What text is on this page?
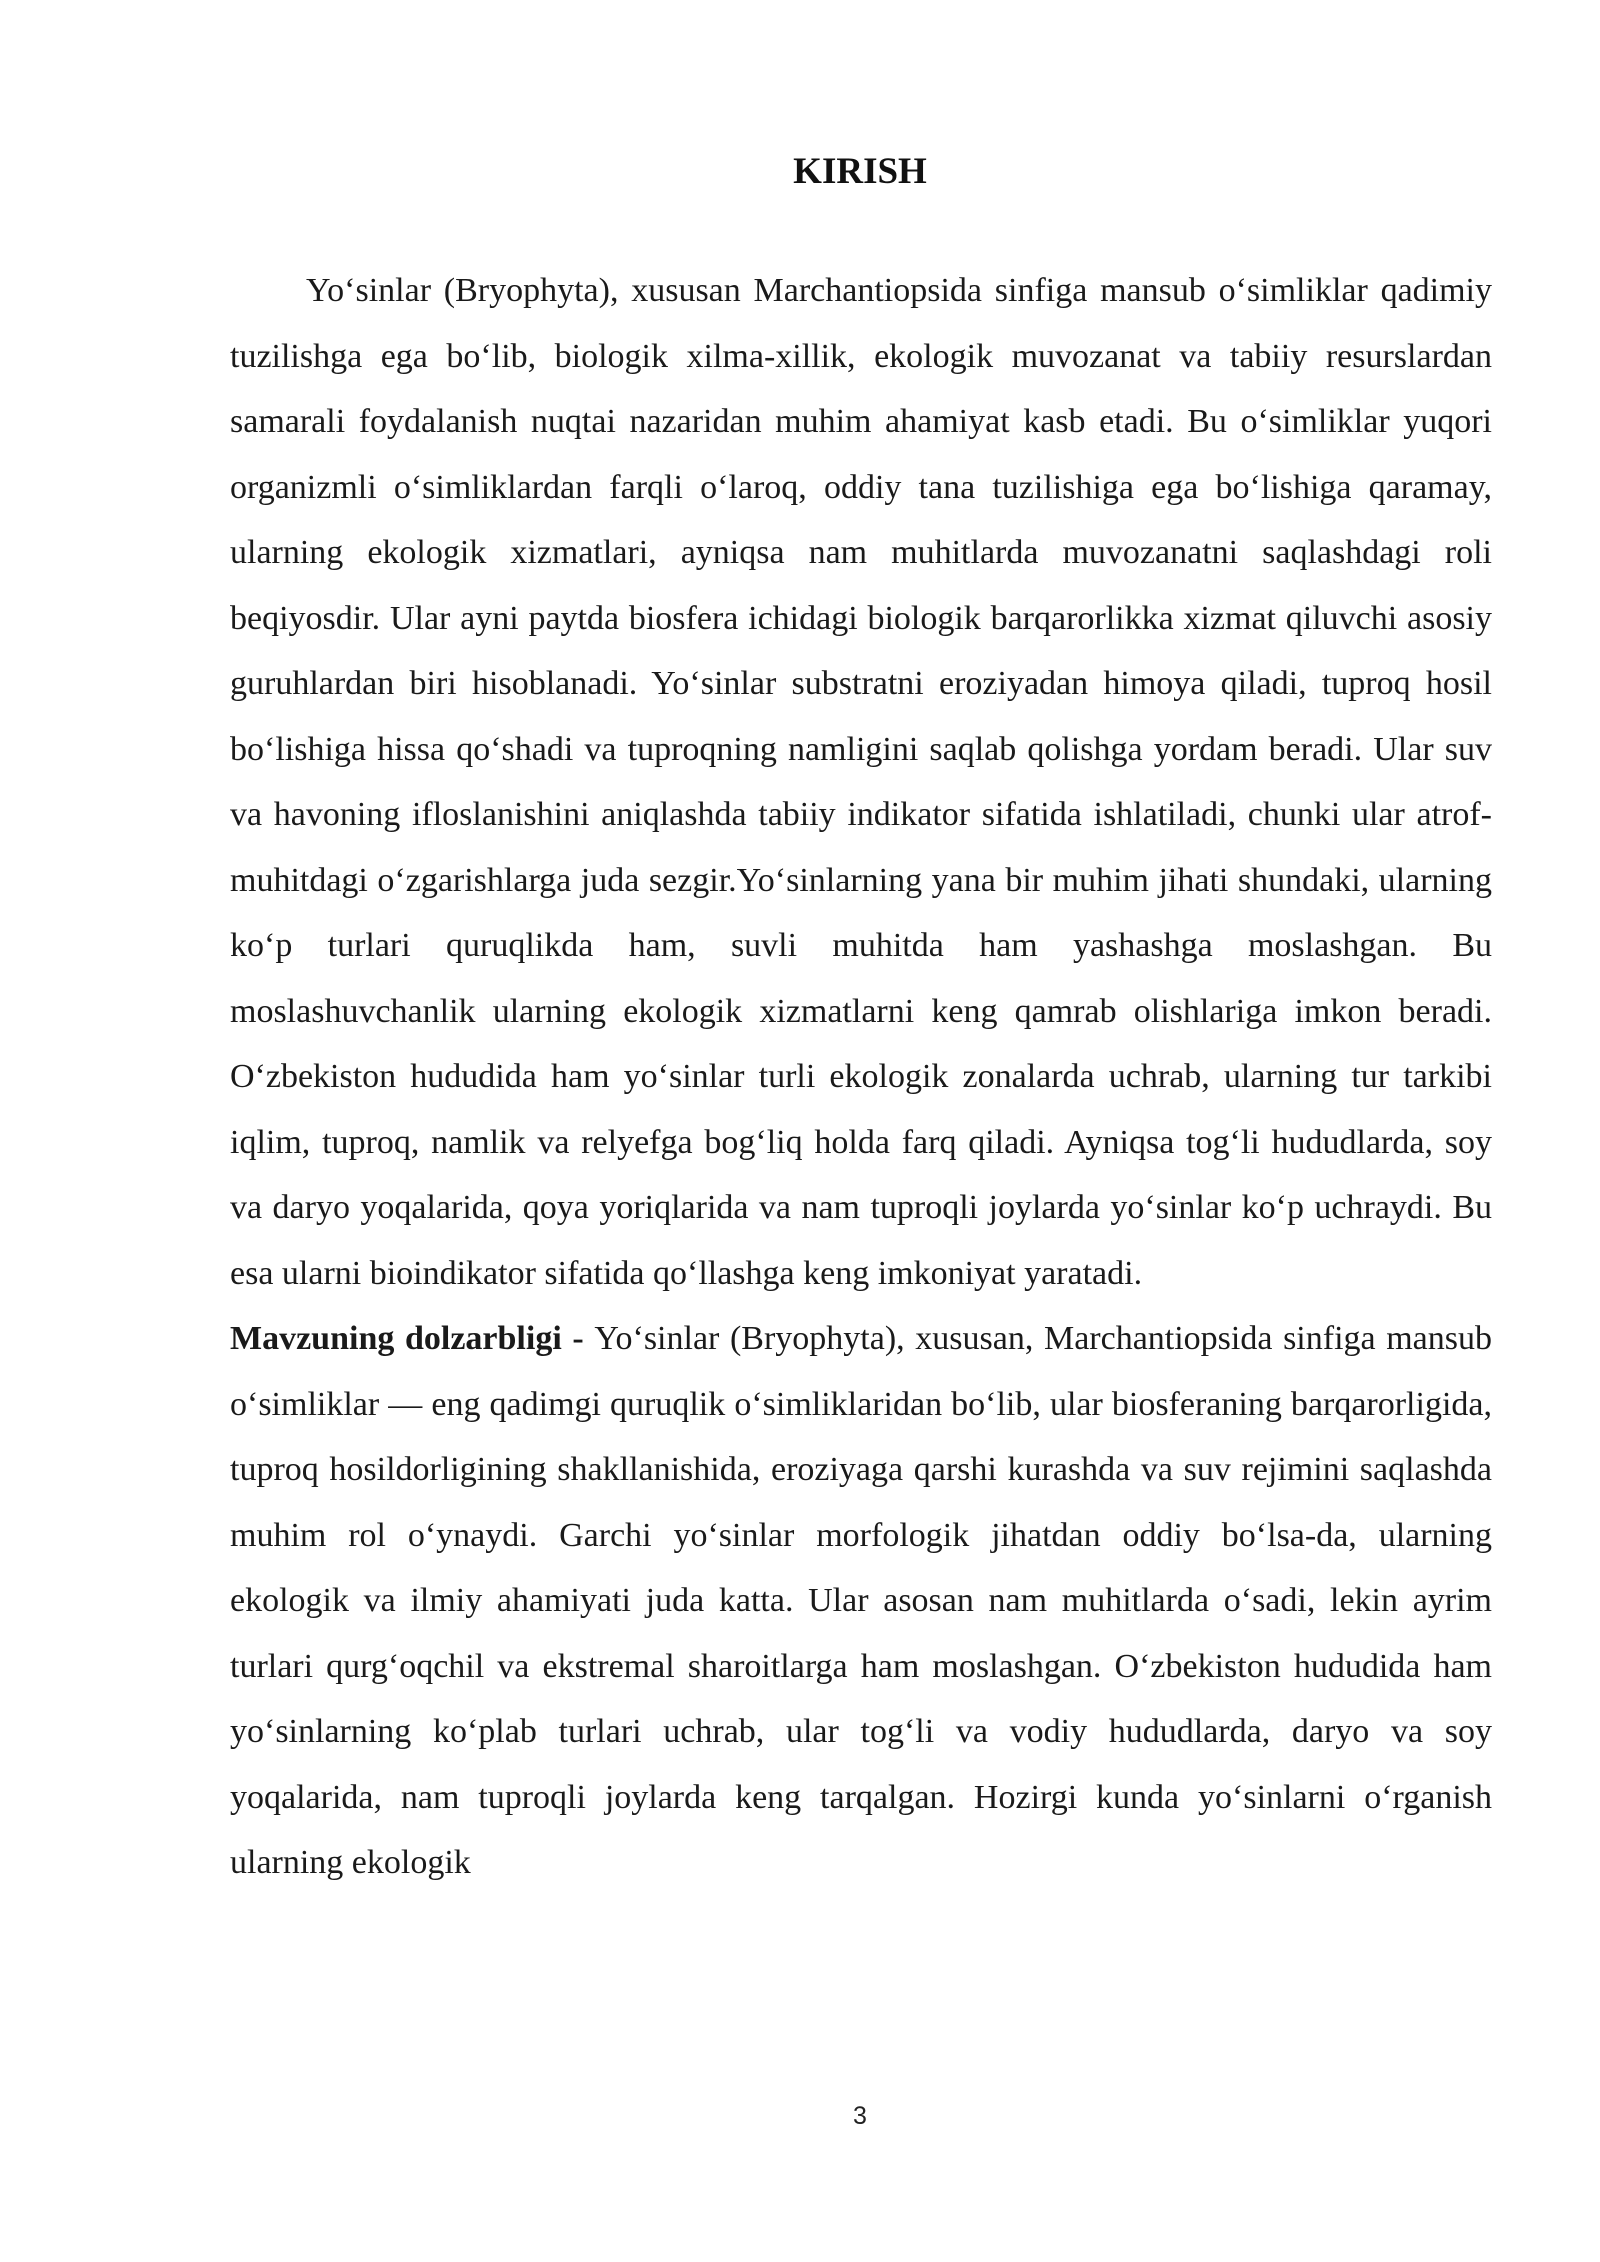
KIRISH

Yo‘sinlar (Bryophyta), xususan Marchantiopsida sinfiga mansub o‘simliklar qadimiy tuzilishga ega bo‘lib, biologik xilma-xillik, ekologik muvozanat va tabiiy resurslardan samarali foydalanish nuqtai nazaridan muhim ahamiyat kasb etadi. Bu o‘simliklar yuqori organizmli o‘simliklardan farqli o‘laroq, oddiy tana tuzilishiga ega bo‘lishiga qaramay, ularning ekologik xizmatlari, ayniqsa nam muhitlarda muvozanatni saqlashdagi roli beqiyosdir. Ular ayni paytda biosfera ichidagi biologik barqarorlikka xizmat qiluvchi asosiy guruhlardan biri hisoblanadi. Yo‘sinlar substratni eroziyadan himoya qiladi, tuproq hosil bo‘lishiga hissa qo‘shadi va tuproqning namligini saqlab qolishga yordam beradi. Ular suv va havoning ifloslanishini aniqlashda tabiiy indikator sifatida ishlatiladi, chunki ular atrof-muhitdagi o‘zgarishlarga juda sezgir.Yo‘sinlarning yana bir muhim jihati shundaki, ularning ko‘p turlari quruqlikda ham, suvli muhitda ham yashashga moslashgan. Bu moslashuvchanlik ularning ekologik xizmatlarni keng qamrab olishlariga imkon beradi. O‘zbekiston hududida ham yo‘sinlar turli ekologik zonalarda uchrab, ularning tur tarkibi iqlim, tuproq, namlik va relyefga bog‘liq holda farq qiladi. Ayniqsa tog‘li hududlarda, soy va daryo yoqalarida, qoya yoriqlarida va nam tuproqli joylarda yo‘sinlar ko‘p uchraydi. Bu esa ularni bioindikator sifatida qo‘llashga keng imkoniyat yaratadi.

Mavzuning dolzarbligi - Yo‘sinlar (Bryophyta), xususan, Marchantiopsida sinfiga mansub o‘simliklar — eng qadimgi quruqlik o‘simliklaridan bo‘lib, ular biosferaning barqarorligida, tuproq hosildorligining shakllanishida, eroziyaga qarshi kurashda va suv rejimini saqlashda muhim rol o‘ynaydi. Garchi yo‘sinlar morfologik jihatdan oddiy bo‘lsa-da, ularning ekologik va ilmiy ahamiyati juda katta. Ular asosan nam muhitlarda o‘sadi, lekin ayrim turlari qurg‘oqchil va ekstremal sharoitlarga ham moslashgan. O‘zbekiston hududida ham yo‘sinlarning ko‘plab turlari uchrab, ular tog‘li va vodiy hududlarda, daryo va soy yoqalarida, nam tuproqli joylarda keng tarqalgan. Hozirgi kunda yo‘sinlarni o‘rganish ularning ekologik

3
